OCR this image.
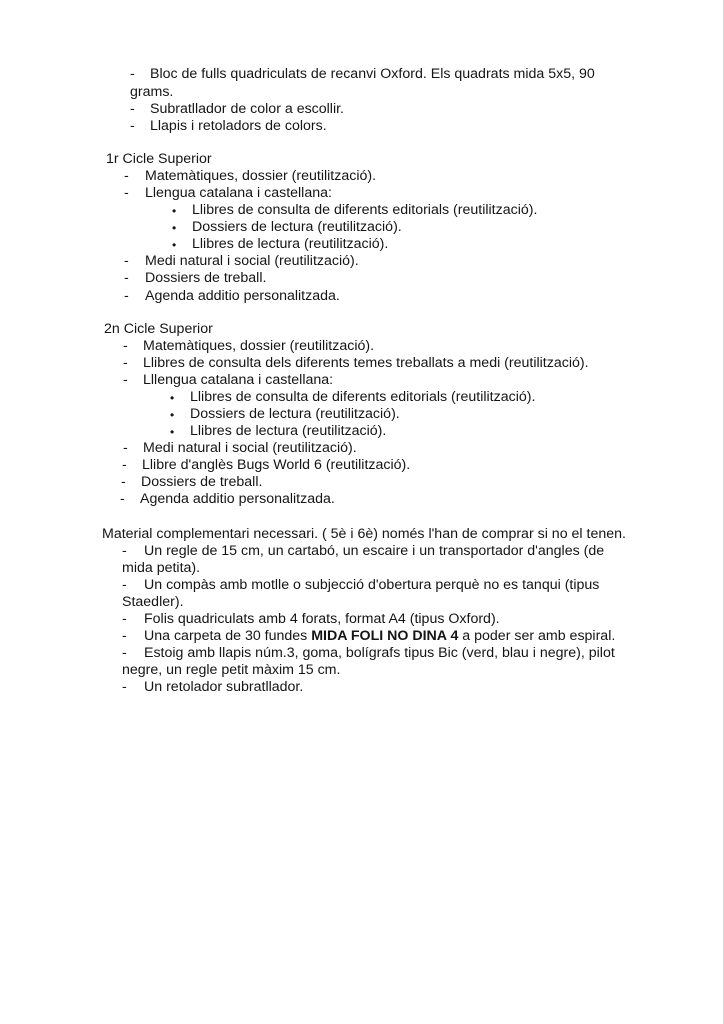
- Bloc de fulls quadriculats de recanvi Oxford. Els quadrats mida 5x5, 90
grams.
- Subratllador de color a escollir.
- Llapis i retoladors de colors.
1r Cicle Superior
- Matemàtiques, dossier (reutilització).
- Llengua catalana i castellana:
• Llibres de consulta de diferents editorials (reutilització).
• Dossiers de lectura (reutilització).
• Llibres de lectura (reutilització).
- Medi natural i social (reutilització).
- Dossiers de treball.
- Agenda additio personalitzada.
2n Cicle Superior
- Matemàtiques, dossier (reutilització).
- Llibres de consulta dels diferents temes treballats a medi (reutilització).
- Lllengua catalana i castellana:
• Llibres de consulta de diferents editorials (reutilització).
• Dossiers de lectura (reutilització).
• Llibres de lectura (reutilització).
- Medi natural i social (reutilització).
- Llibre d'anglès Bugs World 6 (reutilització).
- Dossiers de treball.
- Agenda additio personalitzada.
Material complementari necessari. ( 5è i 6è) només l'han de comprar si no el tenen.
- Un regle de 15 cm, un cartabó, un escaire i un transportador d'angles (de
mida petita).
- Un compàs amb motlle o subjecció d'obertura perquè no es tanqui (tipus
Staedler).
- Folis quadriculats amb 4 forats, format A4 (tipus Oxford).
- Una carpeta de 30 fundes MIDA FOLI NO DINA 4 a poder ser amb espiral.
- Estoig amb llapis núm.3, goma, bolígrafs tipus Bic (verd, blau i negre), pilot
negre, un regle petit màxim 15 cm.
- Un retolador subratllador.
